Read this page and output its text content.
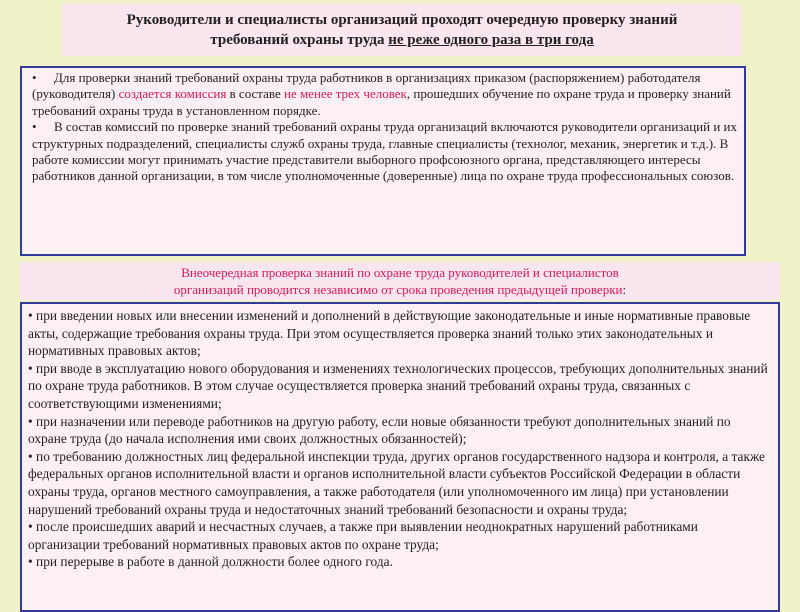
Руководители и специалисты организаций проходят очередную проверку знаний
требований охраны труда не реже одного раза в три года

• Для проверки знаний требований охраны труда работников в организациях приказом (распоряжением) работодателя (руководителя) создается комиссия в составе не менее трех человек, прошедших обучение по охране труда и проверку знаний требований охраны труда в установленном порядке.

• В состав комиссий по проверке знаний требований охраны труда организаций включаются руководители организаций и их структурных подразделений, специалисты служб охраны труда, главные специалисты (технолог, механик, энергетик и т.д.). В работе комиссии могут принимать участие представители выборного профсоюзного органа, представляющего интересы работников данной организации, в том числе уполномоченные (доверенные) лица по охране труда профессиональных союзов.

Внеочередная проверка знаний по охране труда руководителей и специалистов
организаций проводится независимо от срока проведения предыдущей проверки:

• при введении новых или внесении изменений и дополнений в действующие законодательные и иные нормативные правовые акты, содержащие требования охраны труда. При этом осуществляется проверка знаний только этих законодательных и нормативных правовых актов;

• при вводе в эксплуатацию нового оборудования и изменениях технологических процессов, требующих дополнительных знаний по охране труда работников. В этом случае осуществляется проверка знаний требований охраны труда, связанных с соответствующими изменениями;

• при назначении или переводе работников на другую работу, если новые обязанности требуют дополнительных знаний по охране труда (до начала исполнения ими своих должностных обязанностей);

• по требованию должностных лиц федеральной инспекции труда, других органов государственного надзора и контроля, а также федеральных органов исполнительной власти и органов исполнительной власти субъектов Российской Федерации в области охраны труда, органов местного самоуправления, а также работодателя (или уполномоченного им лица) при установлении нарушений требований охраны труда и недостаточных знаний требований безопасности и охраны труда;

• после происшедших аварий и несчастных случаев, а также при выявлении неоднократных нарушений работниками организации требований нормативных правовых актов по охране труда;

• при перерыве в работе в данной должности более одного года.
